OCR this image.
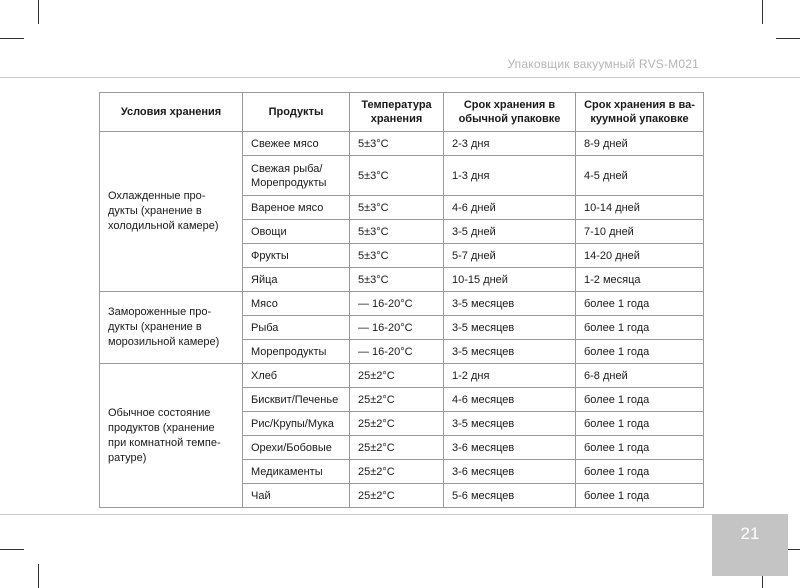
Упаковщик вакуумный RVS-M021
Условия хранения	Продукты	Температура хранения	Срок хранения в обычной упаковке	Срок хранения в ва-куумной упаковке
Охлажденные про-дукты (хранение в холодильной камере)	Свежее мясо	5±3°С	2-3 дня	8-9 дней
	Свежая рыба/ Морепродукты	5±3°С	1-3 дня	4-5 дней
	Вареное мясо	5±3°С	4-6 дней	10-14 дней
	Овощи	5±3°С	3-5 дней	7-10 дней
	Фрукты	5±3°С	5-7 дней	14-20 дней
	Яйца	5±3°С	10-15 дней	1-2 месяца
Замороженные про-дукты (хранение в морозильной камере)	Мясо	— 16-20°С	3-5 месяцев	более 1 года
	Рыба	— 16-20°С	3-5 месяцев	более 1 года
	Морепродукты	— 16-20°С	3-5 месяцев	более 1 года
Обычное состояние продуктов (хранение при комнатной темпе-ратуре)	Хлеб	25±2°С	1-2 дня	6-8 дней
	Бисквит/Печенье	25±2°С	4-6 месяцев	более 1 года
	Рис/Крупы/Мука	25±2°С	3-5 месяцев	более 1 года
	Орехи/Бобовые	25±2°С	3-6 месяцев	более 1 года
	Медикаменты	25±2°С	3-6 месяцев	более 1 года
	Чай	25±2°С	5-6 месяцев	более 1 года
21
